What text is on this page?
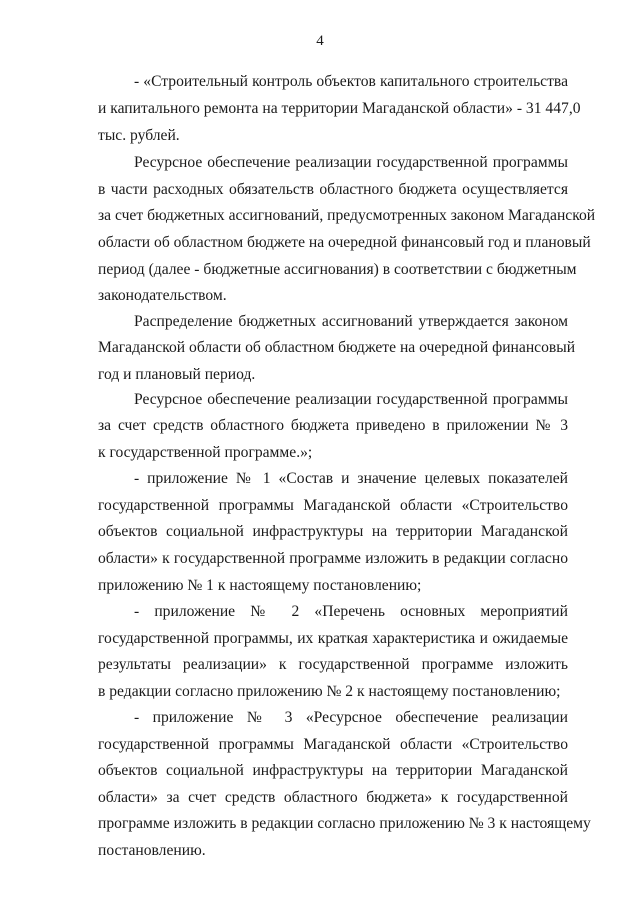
4
- «Строительный контроль объектов капитального строительства
и капитального ремонта на территории Магаданской области» - 31 447,0
тыс. рублей.
Ресурсное обеспечение реализации государственной программы
в части расходных обязательств областного бюджета осуществляется
за счет бюджетных ассигнований, предусмотренных законом Магаданской
области об областном бюджете на очередной финансовый год и плановый
период (далее - бюджетные ассигнования) в соответствии с бюджетным
законодательством.
Распределение бюджетных ассигнований утверждается законом
Магаданской области об областном бюджете на очередной финансовый
год и плановый период.
Ресурсное обеспечение реализации государственной программы
за счет средств областного бюджета приведено в приложении № 3
к государственной программе.»;
- приложение № 1 «Состав и значение целевых показателей
государственной программы Магаданской области «Строительство
объектов социальной инфраструктуры на территории Магаданской
области» к государственной программе изложить в редакции согласно
приложению № 1 к настоящему постановлению;
- приложение № 2 «Перечень основных мероприятий
государственной программы, их краткая характеристика и ожидаемые
результаты реализации» к государственной программе изложить
в редакции согласно приложению № 2 к настоящему постановлению;
- приложение № 3 «Ресурсное обеспечение реализации
государственной программы Магаданской области «Строительство
объектов социальной инфраструктуры на территории Магаданской
области» за счет средств областного бюджета» к государственной
программе изложить в редакции согласно приложению № 3 к настоящему
постановлению.
